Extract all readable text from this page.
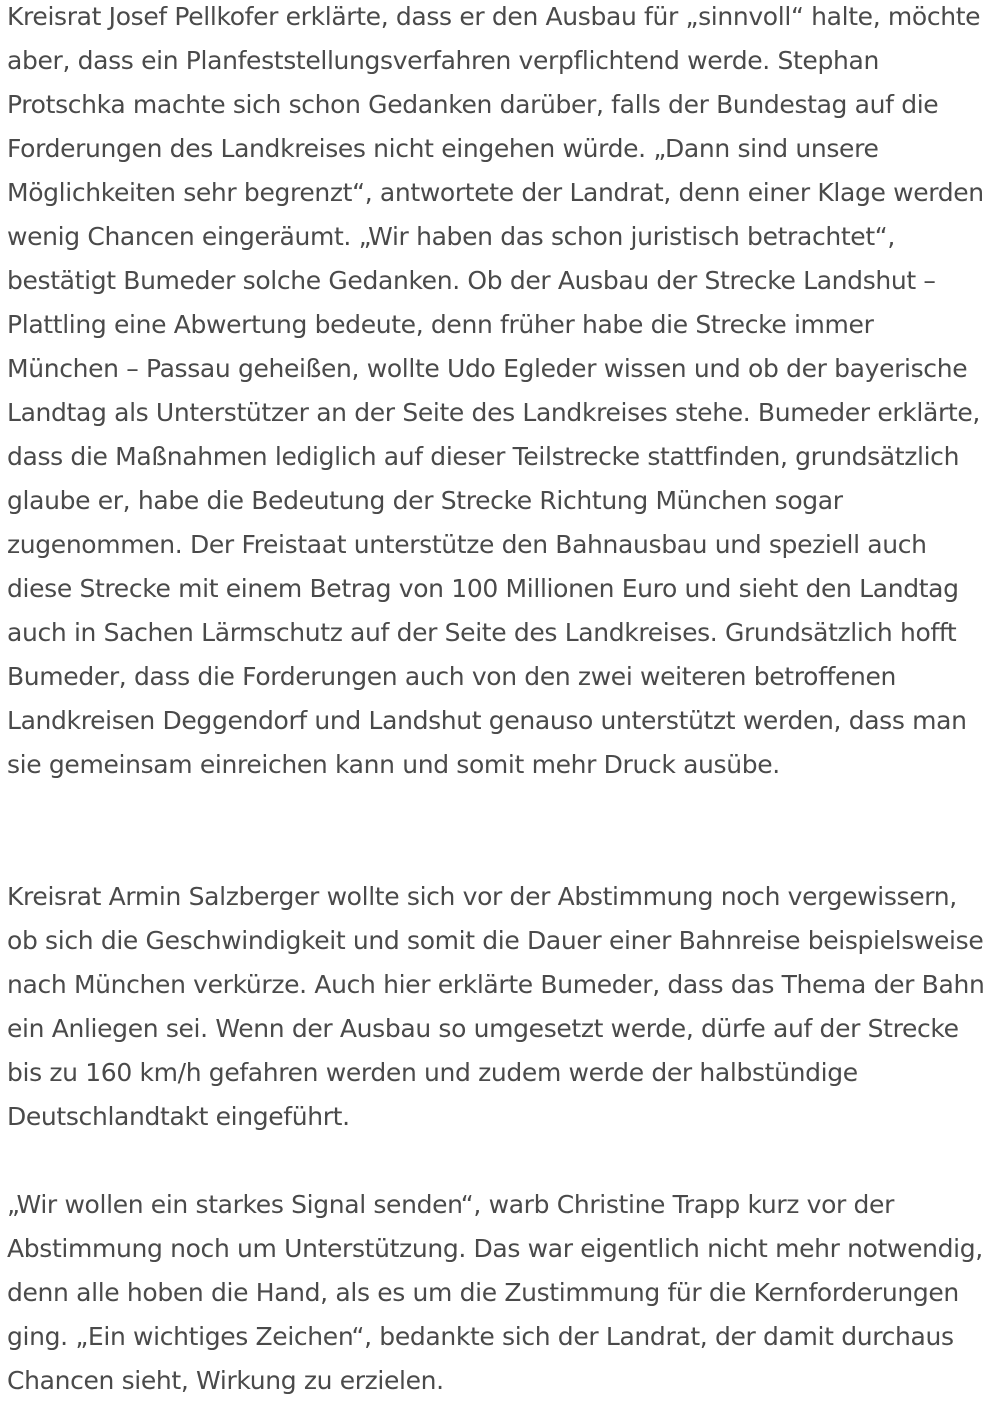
Kreisrat Josef Pellkofer erklärte, dass er den Ausbau für „sinnvoll“ halte, möchte aber, dass ein Planfeststellungsverfahren verpflichtend werde. Stephan Protschka machte sich schon Gedanken darüber, falls der Bundestag auf die Forderungen des Landkreises nicht eingehen würde. „Dann sind unsere Möglichkeiten sehr begrenzt“, antwortete der Landrat, denn einer Klage werden wenig Chancen eingeräumt. „Wir haben das schon juristisch betrachtet“, bestätigt Bumeder solche Gedanken. Ob der Ausbau der Strecke Landshut – Plattling eine Abwertung bedeute, denn früher habe die Strecke immer München – Passau geheißen, wollte Udo Egleder wissen und ob der bayerische Landtag als Unterstützer an der Seite des Landkreises stehe. Bumeder erklärte, dass die Maßnahmen lediglich auf dieser Teilstrecke stattfinden, grundsätzlich glaube er, habe die Bedeutung der Strecke Richtung München sogar zugenommen. Der Freistaat unterstütze den Bahnausbau und speziell auch diese Strecke mit einem Betrag von 100 Millionen Euro und sieht den Landtag auch in Sachen Lärmschutz auf der Seite des Landkreises. Grundsätzlich hofft Bumeder, dass die Forderungen auch von den zwei weiteren betroffenen Landkreisen Deggendorf und Landshut genauso unterstützt werden, dass man sie gemeinsam einreichen kann und somit mehr Druck ausübe.

Kreisrat Armin Salzberger wollte sich vor der Abstimmung noch vergewissern, ob sich die Geschwindigkeit und somit die Dauer einer Bahnreise beispielsweise nach München verkürze. Auch hier erklärte Bumeder, dass das Thema der Bahn ein Anliegen sei. Wenn der Ausbau so umgesetzt werde, dürfe auf der Strecke bis zu 160 km/h gefahren werden und zudem werde der halbstündige Deutschlandtakt eingeführt.

„Wir wollen ein starkes Signal senden“, warb Christine Trapp kurz vor der Abstimmung noch um Unterstützung. Das war eigentlich nicht mehr notwendig, denn alle hoben die Hand, als es um die Zustimmung für die Kernforderungen ging. „Ein wichtiges Zeichen“, bedankte sich der Landrat, der damit durchaus Chancen sieht, Wirkung zu erzielen.
